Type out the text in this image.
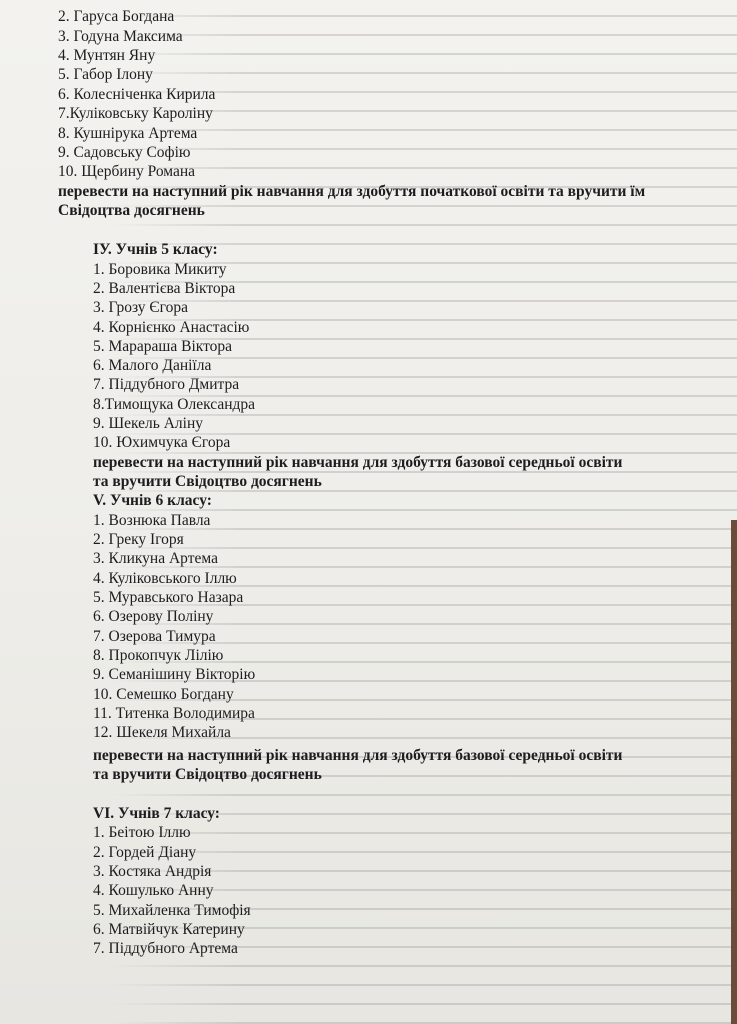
2. Гаруса Богдана
3. Годуна Максима
4. Мунтян Яну
5. Габор Ілону
6. Колесніченка Кирила
7.Куліковську Кароліну
8. Кушнірука Артема
9. Садовську Софію
10. Щербину Романа
перевести на наступний рік навчання для здобуття початкової освіти та вручити їм
Свідоцтва досягнень
ІУ. Учнів 5 класу:
1. Боровика Микиту
2. Валентієва Віктора
3. Грозу Єгора
4. Корнієнко Анастасію
5. Марараша Віктора
6. Малого Даніїла
7. Піддубного Дмитра
8.Тимощука Олександра
9. Шекель Аліну
10. Юхимчука Єгора
перевести на наступний рік навчання для здобуття базової середньої освіти
та вручити Свідоцтво досягнень
V. Учнів 6 класу:
1. Вознюка Павла
2. Греку Ігоря
3. Кликуна Артема
4. Куліковського Іллю
5. Муравського Назара
6. Озерову Поліну
7. Озерова Тимура
8. Прокопчук Лілію
9. Семанішину Вікторію
10. Семешко Богдану
11. Титенка Володимира
12. Шекеля Михайла
перевести на наступний рік навчання для здобуття базової середньої освіти
та вручити Свідоцтво досягнень
VI. Учнів 7 класу:
1. Беітою Іллю
2. Гордей Діану
3. Костяка Андрія
4. Кошулько Анну
5. Михайленка Тимофія
6. Матвійчук Катерину
7. Піддубного Артема
